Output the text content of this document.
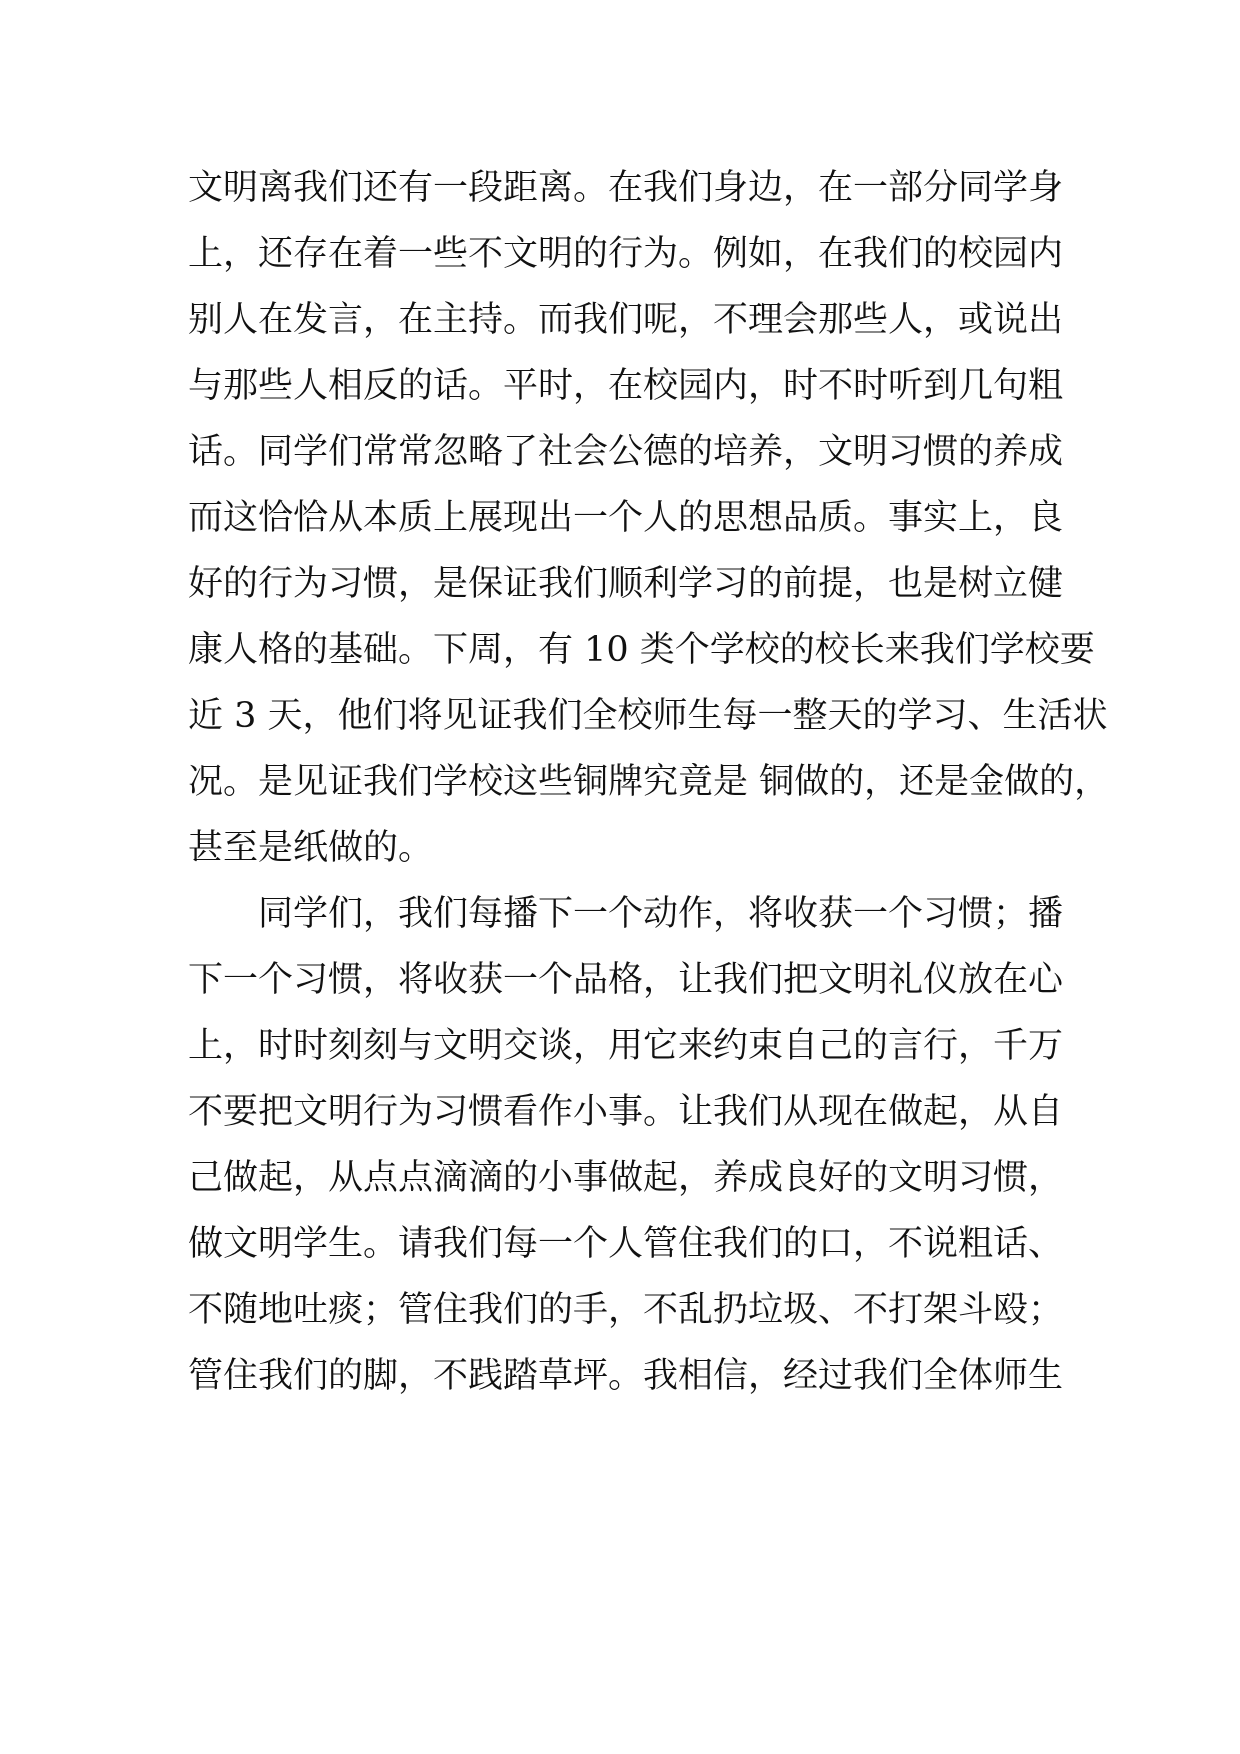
文明离我们还有一段距离。在我们身边，在一部分同学身
上，还存在着一些不文明的行为。例如，在我们的校园内
别人在发言，在主持。而我们呢，不理会那些人，或说出
与那些人相反的话。平时，在校园内，时不时听到几句粗
话。同学们常常忽略了社会公德的培养，文明习惯的养成
而这恰恰从本质上展现出一个人的思想品质。事实上，良
好的行为习惯，是保证我们顺利学习的前提，也是树立健
康人格的基础。下周，有 10 类个学校的校长来我们学校要
近 3 天，他们将见证我们全校师生每一整天的学习、生活状
况。是见证我们学校这些铜牌究竟是 铜做的，还是金做的，
甚至是纸做的。
同学们，我们每播下一个动作，将收获一个习惯；播
下一个习惯，将收获一个品格，让我们把文明礼仪放在心
上，时时刻刻与文明交谈，用它来约束自己的言行，千万
不要把文明行为习惯看作小事。让我们从现在做起，从自
己做起，从点点滴滴的小事做起，养成良好的文明习惯，
做文明学生。请我们每一个人管住我们的口，不说粗话、
不随地吐痰；管住我们的手，不乱扔垃圾、不打架斗殴；
管住我们的脚，不践踏草坪。我相信，经过我们全体师生
